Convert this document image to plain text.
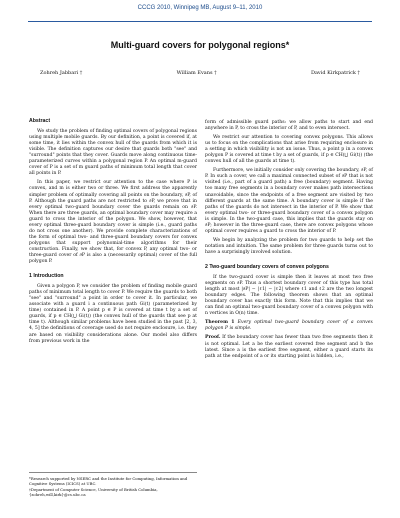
CCCG 2010, Winnipeg MB, August 9–11, 2010
Multi-guard covers for polygonal regions*
Zohreh Jabbari †	William Evans †	David Kirkpatrick †
Abstract

We study the problem of finding optimal covers of polygonal regions using multiple mobile guards. By our definition, a point is covered if, at some time, it lies within the convex hull of the guards from which it is visible. The definition captures our desire that guards both "see" and "surround" points that they cover. Guards move along continuous time-parameterized curves within a polygonal region P. An optimal m-guard cover of P is a set of m guard paths of minimum total length that cover all points in P.

In this paper, we restrict our attention to the case where P is convex, and m is either two or three. We first address the apparently simpler problem of optimally covering all points on the boundary, ∂P, of P. Although the guard paths are not restricted to ∂P, we prove that in every optimal two-guard boundary cover the guards remain on ∂P. When there are three guards, an optimal boundary cover may require a guard to cross the interior of the polygon. We show, however, that every optimal three-guard boundary cover is simple (i.e., guard paths do not cross one another). We provide complete characterizations of the form of optimal two- and three-guard boundary covers for convex polygons that support polynomial-time algorithms for their construction. Finally, we show that, for convex P, any optimal two- or three-guard cover of ∂P is also a (necessarily optimal) cover of the full polygon P.

1 Introduction

Given a polygon P, we consider the problem of finding mobile guard paths of minimum total length to cover P. We require the guards to both "see" and "surround" a point in order to cover it. In particular, we associate with a guard i a continuous path Gi(t) (parameterized by time) contained in P. A point p ∈ P is covered at time t by a set of guards, if p ∈ CH(⋃ Gi(t)) (the convex hull of the guards that see p at time t). Although similar problems have been studied in the past [2, 3, 4, 5] the definitions of coverage used do not require enclosure, i.e. they are based on visibility considerations alone. Our model also differs from previous work in the

*Research supported by NSERC and the Institute for Computing, Information and Cognitive Systems (ICICS) at UBC.
†Department of Computer Science, University of British Columbia, {zohreh,will,kirk}@cs.ubc.ca

form of admissible guard paths: we allow paths to start and end anywhere in P, to cross the interior of P, and to even intersect.

We restrict our attention to covering convex polygons. This allows us to focus on the complications that arise from requiring enclosure in a setting in which visibility is not an issue. Thus, a point p in a convex polygon P is covered at time t by a set of guards, if p ∈ CH(⋃ Gi(t)) (the convex hull of all the guards at time t).

Furthermore, we initially consider only covering the boundary, ∂P, of P. In such a cover, we call a maximal connected subset of ∂P that is not visited (i.e., part of a guard path) a free (boundary) segment. Having too many free segments in a boundary cover makes path intersections unavoidable, since the endpoints of a free segment are visited by two different guards at the same time. A boundary cover is simple if the paths of the guards do not intersect in the interior of P. We show that every optimal two- or three-guard boundary cover of a convex polygon is simple. In the two-guard case, this implies that the guards stay on ∂P; however in the three-guard case, there are convex polygons whose optimal cover requires a guard to cross the interior of P.

We begin by analyzing the problem for two guards to help set the notation and intuition. The same problem for three guards turns out to have a surprisingly involved solution.

2 Two-guard boundary covers of convex polygons

If the two-guard cover is simple then it leaves at most two free segments on ∂P. Thus a shortest boundary cover of this type has total length at most |∂P| − |ℓ1| − |ℓ2| where ℓ1 and ℓ2 are the two longest boundary edges. The following theorem shows that an optimal boundary cover has exactly this form. Note that this implies that we can find an optimal two-guard boundary cover of a convex polygon with n vertices in O(n) time.

Theorem 1 Every optimal two-guard boundary cover of a convex polygon P is simple.

Proof. If the boundary cover has fewer than two free segments then it is not optimal. Let a be the earliest covered free segment and b the latest. Since a is the earliest free segment, either a guard starts its path at the endpoint of a or its starting point is hidden, i.e.,
